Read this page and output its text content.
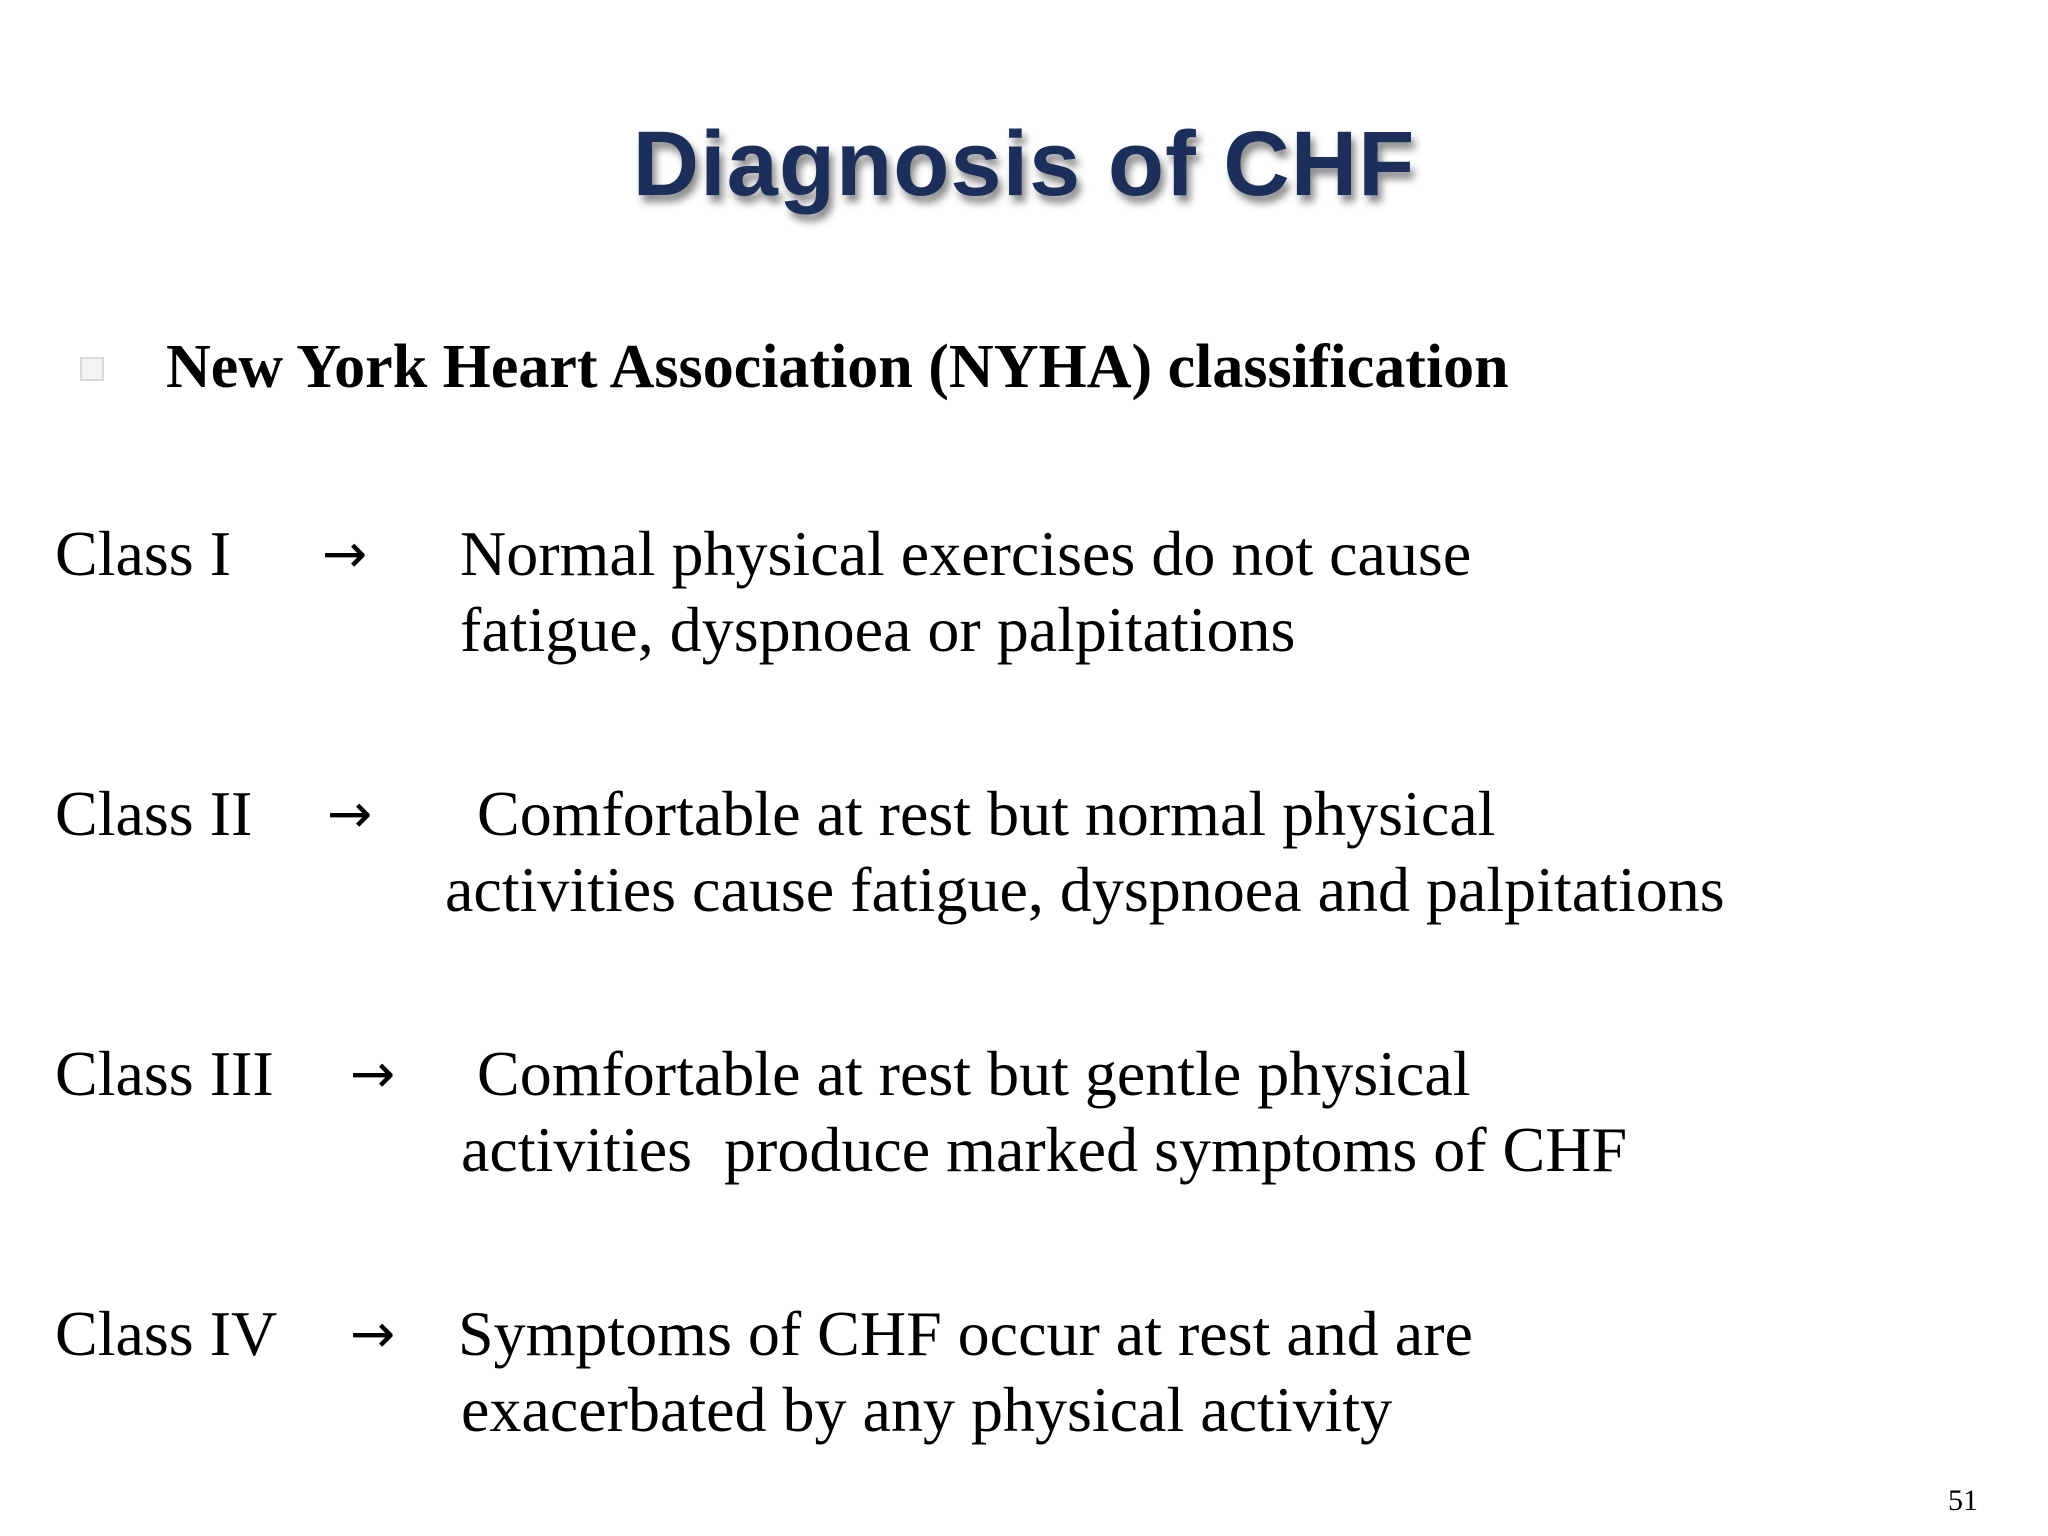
Diagnosis of CHF
New York Heart Association (NYHA) classification
Class I → Normal physical exercises do not cause
fatigue, dyspnoea or palpitations
Class II → Comfortable at rest but normal physical
activities cause fatigue, dyspnoea and palpitations
Class III → Comfortable at rest but gentle physical
activities  produce marked symptoms of CHF
Class IV → Symptoms of CHF occur at rest and are
exacerbated by any physical activity
51
